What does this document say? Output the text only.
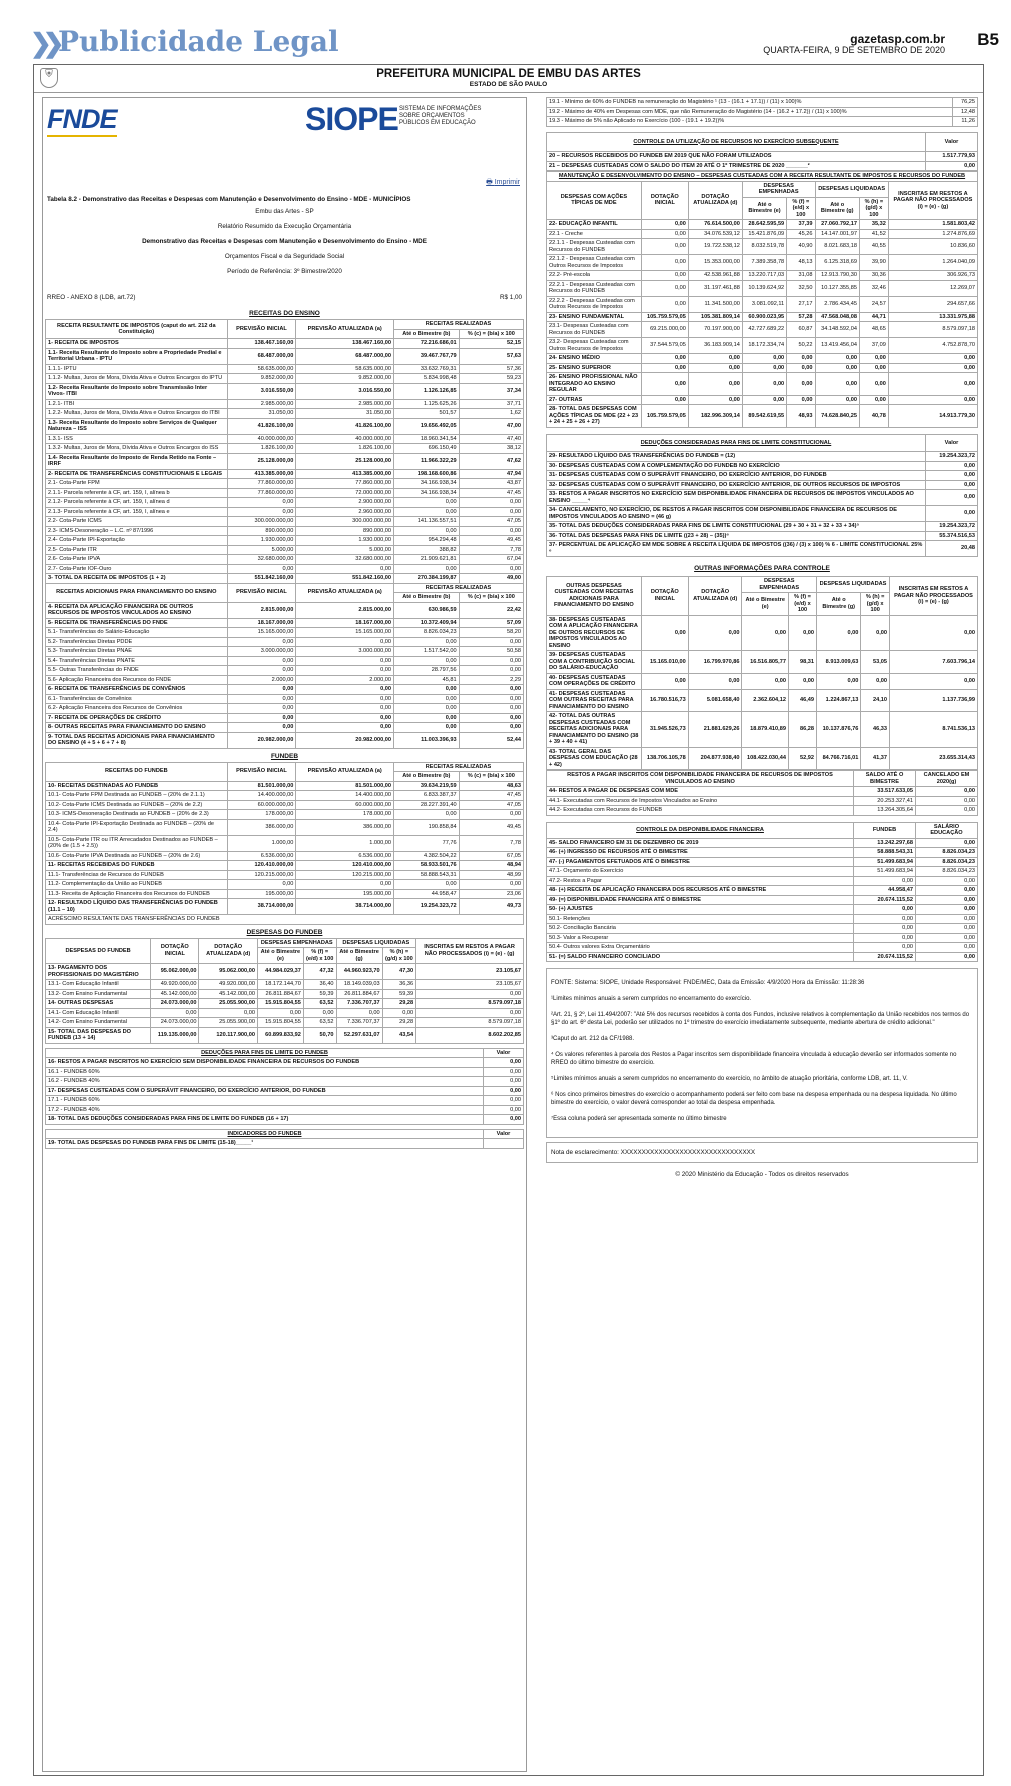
❯❯ Publicidade Legal	gazetasp.com.br
QUARTA-FEIRA, 9 DE SETEMBRO DE 2020
B5
⛨	PREFEITURA MUNICIPAL DE EMBU DAS ARTES
ESTADO DE SÃO PAULO
FNDE	SIOPE SISTEMA DE INFORMAÇÕES
SOBRE ORÇAMENTOS
PÚBLICOS EM EDUCAÇÃO
🖶 Imprimir
Tabela 8.2 - Demonstrativo das Receitas e Despesas com Manutenção e Desenvolvimento do Ensino - MDE - MUNICÍPIOS
Embu das Artes - SP
Relatório Resumido da Execução Orçamentária
Demonstrativo das Receitas e Despesas com Manutenção e Desenvolvimento do Ensino - MDE
Orçamentos Fiscal e da Seguridade Social
Período de Referência: 3º Bimestre/2020
RREO - ANEXO 8 (LDB, art.72)	R$ 1,00
RECEITAS DO ENSINO
RECEITA RESULTANTE DE IMPOSTOS (caput do art. 212 da Constituição)	PREVISÃO INICIAL	PREVISÃO ATUALIZADA (a)	RECEITAS REALIZADAS	
			Até o Bimestre (b)	% (c) = (b/a) x 100
1- RECEITA DE IMPOSTOS	138.467.160,00	138.467.160,00	72.216.686,01	52,15
1.1- Receita Resultante do Imposto sobre a Propriedade Predial e Territorial Urbana - IPTU	68.487.000,00	68.487.000,00	39.467.767,79	57,63
1.1.1- IPTU	58.635.000,00	58.635.000,00	33.632.769,31	57,36
1.1.2- Multas, Juros de Mora, Dívida Ativa e Outros Encargos do IPTU	9.852.000,00	9.852.000,00	5.834.998,48	59,23
1.2- Receita Resultante do Imposto sobre Transmissão Inter Vivos- ITBI	3.016.550,00	3.016.550,00	1.126.126,85	37,34
1.2.1- ITBI	2.985.000,00	2.985.000,00	1.125.625,26	37,71
1.2.2- Multas, Juros de Mora, Dívida Ativa e Outros Encargos do ITBI	31.050,00	31.050,00	501,57	1,62
1.3- Receita Resultante do Imposto sobre Serviços de Qualquer Natureza – ISS	41.826.100,00	41.826.100,00	19.656.492,05	47,00
1.3.1- ISS	40.000.000,00	40.000.000,00	18.960.341,54	47,40
1.3.2- Multas, Juros de Mora, Dívida Ativa e Outros Encargos do ISS	1.826.100,00	1.826.100,00	696.150,49	38,12
1.4- Receita Resultante do Imposto de Renda Retido na Fonte – IRRF	25.128.000,00	25.128.000,00	11.966.322,29	47,62
2- RECEITA DE TRANSFERÊNCIAS CONSTITUCIONAIS E LEGAIS	413.385.000,00	413.385.000,00	198.168.600,86	47,94
2.1- Cota-Parte FPM	77.860.000,00	77.860.000,00	34.166.938,34	43,87
2.1.1- Parcela referente à CF, art. 159, I, alínea b	77.860.000,00	72.000.000,00	34.166.938,34	47,45
2.1.2- Parcela referente à CF, art. 159, I, alínea d	0,00	2.900.000,00	0,00	0,00
2.1.3- Parcela referente à CF, art. 159, I, alínea e	0,00	2.960.000,00	0,00	0,00
2.2- Cota-Parte ICMS	300.000.000,00	300.000.000,00	141.136.557,51	47,05
2.3- ICMS-Desoneração – L.C. nº 87/1996	890.000,00	890.000,00	0,00	0,00
2.4- Cota-Parte IPI-Exportação	1.930.000,00	1.930.000,00	954.294,48	49,45
2.5- Cota-Parte ITR	5.000,00	5.000,00	388,82	7,78
2.6- Cota-Parte IPVA	32.680.000,00	32.680.000,00	21.909.621,81	67,04
2.7- Cota-Parte IOF-Ouro	0,00	0,00	0,00	0,00
3- TOTAL DA RECEITA DE IMPOSTOS (1 + 2)	551.842.160,00	551.842.160,00	270.384.199,87	49,00
RECEITAS ADICIONAIS PARA FINANCIAMENTO DO ENSINO	PREVISÃO INICIAL	PREVISÃO ATUALIZADA (a)	RECEITAS REALIZADAS	
			Até o Bimestre (b)	% (c) = (b/a) x 100
4- RECEITA DA APLICAÇÃO FINANCEIRA DE OUTROS RECURSOS DE IMPOSTOS VINCULADOS AO ENSINO	2.815.000,00	2.815.000,00	630.986,59	22,42
5- RECEITA DE TRANSFERÊNCIAS DO FNDE	18.167.000,00	18.167.000,00	10.372.409,94	57,09
5.1- Transferências do Salário-Educação	15.165.000,00	15.165.000,00	8.826.034,23	58,20
5.2- Transferências Diretas PDDE	0,00	0,00	0,00	0,00
5.3- Transferências Diretas PNAE	3.000.000,00	3.000.000,00	1.517.542,00	50,58
5.4- Transferências Diretas PNATE	0,00	0,00	0,00	0,00
5.5- Outras Transferências do FNDE	0,00	0,00	28.797,56	0,00
5.6- Aplicação Financeira dos Recursos do FNDE	2.000,00	2.000,00	45,81	2,29
6- RECEITA DE TRANSFERÊNCIAS DE CONVÊNIOS	0,00	0,00	0,00	0,00
6.1- Transferências de Convênios	0,00	0,00	0,00	0,00
6.2- Aplicação Financeira dos Recursos de Convênios	0,00	0,00	0,00	0,00
7- RECEITA DE OPERAÇÕES DE CRÉDITO	0,00	0,00	0,00	0,00
8- OUTRAS RECEITAS PARA FINANCIAMENTO DO ENSINO	0,00	0,00	0,00	0,00
9- TOTAL DAS RECEITAS ADICIONAIS PARA FINANCIAMENTO DO ENSINO (4 + 5 + 6 + 7 + 8)	20.982.000,00	20.982.000,00	11.003.396,93	52,44
FUNDEB
RECEITAS DO FUNDEB	PREVISÃO INICIAL	PREVISÃO ATUALIZADA (a)	RECEITAS REALIZADAS	
			Até o Bimestre (b)	% (c) = (b/a) x 100
10- RECEITAS DESTINADAS AO FUNDEB	81.501.000,00	81.501.000,00	39.634.219,59	48,63
10.1- Cota-Parte FPM Destinada ao FUNDEB – (20% de 2.1.1)	14.400.000,00	14.400.000,00	6.833.387,37	47,45
10.2- Cota-Parte ICMS Destinada ao FUNDEB – (20% de 2.2)	60.000.000,00	60.000.000,00	28.227.391,40	47,05
10.3- ICMS-Desoneração Destinada ao FUNDEB – (20% de 2.3)	178.000,00	178.000,00	0,00	0,00
10.4- Cota-Parte IPI-Exportação Destinada ao FUNDEB – (20% de 2.4)	386.000,00	386.000,00	190.858,84	49,45
10.5- Cota-Parte ITR ou ITR Arrecadados Destinados ao FUNDEB – (20% de (1.5 + 2.5))	1.000,00	1.000,00	77,76	7,78
10.6- Cota-Parte IPVA Destinada ao FUNDEB – (20% de 2.6)	6.536.000,00	6.536.000,00	4.382.504,22	67,05
11- RECEITAS RECEBIDAS DO FUNDEB	120.410.000,00	120.410.000,00	58.933.501,76	48,94
11.1- Transferências de Recursos do FUNDEB	120.215.000,00	120.215.000,00	58.888.543,31	48,99
11.2- Complementação da União ao FUNDEB	0,00	0,00	0,00	0,00
11.3- Receita de Aplicação Financeira dos Recursos do FUNDEB	195.000,00	195.000,00	44.958,47	23,06
12- RESULTADO LÍQUIDO DAS TRANSFERÊNCIAS DO FUNDEB (11.1 – 10)	38.714.000,00	38.714.000,00	19.254.323,72	49,73
ACRÉSCIMO RESULTANTE DAS TRANSFERÊNCIAS DO FUNDEB				
DESPESAS DO FUNDEB
DESPESAS DO FUNDEB	DOTAÇÃO INICIAL	DOTAÇÃO ATUALIZADA (d)	DESPESAS EMPENHADAS		DESPESAS LIQUIDADAS		INSCRITAS EM RESTOS A PAGAR NÃO PROCESSADOS (i) = (e) - (g)
			Até o Bimestre (e)	% (f) = (e/d) x 100	Até o Bimestre (g)	% (h) = (g/d) x 100	
13- PAGAMENTO DOS PROFISSIONAIS DO MAGISTÉRIO	95.062.000,00	95.062.000,00	44.984.029,37	47,32	44.960.923,70	47,30	23.105,67
13.1- Com Educação Infantil	49.920.000,00	49.920.000,00	18.172.144,70	36,40	18.149.039,03	36,36	23.105,67
13.2- Com Ensino Fundamental	45.142.000,00	45.142.000,00	26.811.884,67	59,39	26.811.884,67	59,39	0,00
14- OUTRAS DESPESAS	24.073.000,00	25.055.900,00	15.915.804,55	63,52	7.336.707,37	29,28	8.579.097,18
14.1- Com Educação Infantil	0,00	0,00	0,00	0,00	0,00	0,00	0,00
14.2- Com Ensino Fundamental	24.073.000,00	25.055.900,00	15.915.804,55	63,52	7.336.707,37	29,28	8.579.097,18
15- TOTAL DAS DESPESAS DO FUNDEB (13 + 14)	119.135.000,00	120.117.900,00	60.899.833,92	50,70	52.297.631,07	43,54	8.602.202,85
DEDUÇÕES PARA FINS DE LIMITE DO FUNDEB	Valor
16- RESTOS A PAGAR INSCRITOS NO EXERCÍCIO SEM DISPONIBILIDADE FINANCEIRA DE RECURSOS DO FUNDEB	0,00
16.1 - FUNDEB 60%	0,00
16.2 - FUNDEB 40%	0,00
17- DESPESAS CUSTEADAS COM O SUPERÁVIT FINANCEIRO, DO EXERCÍCIO ANTERIOR, DO FUNDEB	0,00
17.1 - FUNDEB 60%	0,00
17.2 - FUNDEB 40%	0,00
18- TOTAL DAS DEDUÇÕES CONSIDERADAS PARA FINS DE LIMITE DO FUNDEB (16 + 17)	0,00
INDICADORES DO FUNDEB	Valor
19- TOTAL DAS DESPESAS DO FUNDEB PARA FINS DE LIMITE (15-18)_____¹	
19.1 - Mínimo de 60% do FUNDEB na remuneração do Magistério ¹ (13 - (16.1 + 17.1)) / (11) x 100)%	76,25
19.2 - Máximo de 40% em Despesas com MDE, que não Remuneração do Magistério (14 - (16.2 + 17.2)) / (11) x 100)%	12,48
19.3 - Máximo de 5% não Aplicado no Exercício (100 - (19.1 + 19.2))%	11,26
CONTROLE DA UTILIZAÇÃO DE RECURSOS NO EXERCÍCIO SUBSEQUENTE	Valor
20 – RECURSOS RECEBIDOS DO FUNDEB EM 2019 QUE NÃO FORAM UTILIZADOS	1.517.779,93
21 – DESPESAS CUSTEADAS COM O SALDO DO ITEM 20 ATÉ O 1º TRIMESTRE DE 2020 _______²	0,00
MANUTENÇÃO E DESENVOLVIMENTO DO ENSINO – DESPESAS CUSTEADAS COM A RECEITA RESULTANTE DE IMPOSTOS E RECURSOS DO FUNDEB							
DESPESAS COM AÇÕES TÍPICAS DE MDE	DOTAÇÃO INICIAL	DOTAÇÃO ATUALIZADA (d)	DESPESAS EMPENHADAS		DESPESAS LIQUIDADAS		INSCRITAS EM RESTOS A PAGAR NÃO PROCESSADOS (i) = (e) - (g)
			Até o Bimestre (e)	% (f) = (e/d) x 100	Até o Bimestre (g)	% (h) = (g/d) x 100	
22- EDUCAÇÃO INFANTIL	0,00	76.614.500,00	28.642.595,59	37,39	27.060.792,17	35,32	1.581.803,42
22.1 - Creche	0,00	34.076.539,12	15.421.876,09	45,26	14.147.001,97	41,52	1.274.876,69
22.1.1 - Despesas Custeadas com Recursos do FUNDEB	0,00	19.722.538,12	8.032.519,78	40,90	8.021.683,18	40,55	10.836,60
22.1.2 - Despesas Custeadas com Outros Recursos de Impostos	0,00	15.353.000,00	7.389.358,78	48,13	6.125.318,69	39,90	1.264.040,09
22.2- Pré-escola	0,00	42.538.961,88	13.220.717,03	31,08	12.913.790,30	30,36	306.926,73
22.2.1 - Despesas Custeadas com Recursos do FUNDEB	0,00	31.197.461,88	10.139.624,92	32,50	10.127.355,85	32,46	12.269,07
22.2.2 - Despesas Custeadas com Outros Recursos de Impostos	0,00	11.341.500,00	3.081.092,11	27,17	2.786.434,45	24,57	294.657,66
23- ENSINO FUNDAMENTAL	105.759.579,05	105.381.809,14	60.900.023,95	57,28	47.568.048,08	44,71	13.331.975,88
23.1- Despesas Custeadas com Recursos do FUNDEB	69.215.000,00	70.197.900,00	42.727.689,22	60,87	34.148.592,04	48,65	8.579.097,18
23.2- Despesas Custeadas com Outros Recursos de Impostos	37.544.579,05	36.183.909,14	18.172.334,74	50,22	13.419.456,04	37,09	4.752.878,70
24- ENSINO MÉDIO	0,00	0,00	0,00	0,00	0,00	0,00	0,00
25- ENSINO SUPERIOR	0,00	0,00	0,00	0,00	0,00	0,00	0,00
26- ENSINO PROFISSIONAL NÃO INTEGRADO AO ENSINO REGULAR	0,00	0,00	0,00	0,00	0,00	0,00	0,00
27- OUTRAS	0,00	0,00	0,00	0,00	0,00	0,00	0,00
28- TOTAL DAS DESPESAS COM AÇÕES TÍPICAS DE MDE (22 + 23 + 24 + 25 + 26 + 27)	105.759.579,05	182.996.309,14	89.542.619,55	48,93	74.628.840,25	40,78	14.913.779,30
DEDUÇÕES CONSIDERADAS PARA FINS DE LIMITE CONSTITUCIONAL	Valor
29- RESULTADO LÍQUIDO DAS TRANSFERÊNCIAS DO FUNDEB = (12)	19.254.323,72
30- DESPESAS CUSTEADAS COM A COMPLEMENTAÇÃO DO FUNDEB NO EXERCÍCIO	0,00
31- DESPESAS CUSTEADAS COM O SUPERÁVIT FINANCEIRO, DO EXERCÍCIO ANTERIOR, DO FUNDEB	0,00
32- DESPESAS CUSTEADAS COM O SUPERÁVIT FINANCEIRO, DO EXERCÍCIO ANTERIOR, DE OUTROS RECURSOS DE IMPOSTOS	0,00
33- RESTOS A PAGAR INSCRITOS NO EXERCÍCIO SEM DISPONIBILIDADE FINANCEIRA DE RECURSOS DE IMPOSTOS VINCULADOS AO ENSINO _____⁴	0,00
34- CANCELAMENTO, NO EXERCÍCIO, DE RESTOS A PAGAR INSCRITOS COM DISPONIBILIDADE FINANCEIRA DE RECURSOS DE IMPOSTOS VINCULADOS AO ENSINO = (46 g)	0,00
35- TOTAL DAS DEDUÇÕES CONSIDERADAS PARA FINS DE LIMITE CONSTITUCIONAL (29 + 30 + 31 + 32 + 33 + 34)⁵	19.254.323,72
36- TOTAL DAS DESPESAS PARA FINS DE LIMITE ((23 + 28) – (35))⁶	55.374.516,53
37- PERCENTUAL DE APLICAÇÃO EM MDE SOBRE A RECEITA LÍQUIDA DE IMPOSTOS ((36) / (3) x 100) % 6 - LIMITE CONSTITUCIONAL 25% ⁶	20,48
OUTRAS INFORMAÇÕES PARA CONTROLE
OUTRAS DESPESAS CUSTEADAS COM RECEITAS ADICIONAIS PARA FINANCIAMENTO DO ENSINO	DOTAÇÃO INICIAL	DOTAÇÃO ATUALIZADA (d)	DESPESAS EMPENHADAS		DESPESAS LIQUIDADAS		INSCRITAS EM RESTOS A PAGAR NÃO PROCESSADOS (i) = (e) - (g)
			Até o Bimestre (e)	% (f) = (e/d) x 100	Até o Bimestre (g)	% (h) = (g/d) x 100	
38- DESPESAS CUSTEADAS COM A APLICAÇÃO FINANCEIRA DE OUTROS RECURSOS DE IMPOSTOS VINCULADOS AO ENSINO	0,00	0,00	0,00	0,00	0,00	0,00	0,00
39- DESPESAS CUSTEADAS COM A CONTRIBUIÇÃO SOCIAL DO SALÁRIO-EDUCAÇÃO	15.165.010,00	16.799.970,86	16.516.805,77	98,31	8.913.009,63	53,05	7.603.796,14
40- DESPESAS CUSTEADAS COM OPERAÇÕES DE CRÉDITO	0,00	0,00	0,00	0,00	0,00	0,00	0,00
41- DESPESAS CUSTEADAS COM OUTRAS RECEITAS PARA FINANCIAMENTO DO ENSINO	16.780.516,73	5.081.658,40	2.362.604,12	46,49	1.224.867,13	24,10	1.137.736,99
42- TOTAL DAS OUTRAS DESPESAS CUSTEADAS COM RECEITAS ADICIONAIS PARA FINANCIAMENTO DO ENSINO (38 + 39 + 40 + 41)	31.945.526,73	21.881.629,26	18.879.410,89	86,28	10.137.876,76	46,33	8.741.536,13
43- TOTAL GERAL DAS DESPESAS COM EDUCAÇÃO (28 + 42)	138.706.105,78	204.877.938,40	108.422.030,44	52,92	84.766.716,01	41,37	23.655.314,43
RESTOS A PAGAR INSCRITOS COM DISPONIBILIDADE FINANCEIRA DE RECURSOS DE IMPOSTOS VINCULADOS AO ENSINO	SALDO ATÉ O BIMESTRE	CANCELADO EM 2020(g)
44- RESTOS A PAGAR DE DESPESAS COM MDE	33.517.633,05	0,00
44.1- Executadas com Recursos de Impostos Vinculados ao Ensino	20.253.327,41	0,00
44.2- Executadas com Recursos do FUNDEB	13.264.305,64	0,00
CONTROLE DA DISPONIBILIDADE FINANCEIRA	FUNDEB	SALÁRIO EDUCAÇÃO
45- SALDO FINANCEIRO EM 31 DE DEZEMBRO DE 2019	13.242.297,68	0,00
46- (+) INGRESSO DE RECURSOS ATÉ O BIMESTRE	58.888.543,31	8.826.034,23
47- (-) PAGAMENTOS EFETUADOS ATÉ O BIMESTRE	51.499.683,94	8.826.034,23
47.1- Orçamento do Exercício	51.499.683,94	8.826.034,23
47.2- Restos a Pagar	0,00	0,00
48- (+) RECEITA DE APLICAÇÃO FINANCEIRA DOS RECURSOS ATÉ O BIMESTRE	44.958,47	0,00
49- (=) DISPONIBILIDADE FINANCEIRA ATÉ O BIMESTRE	20.674.115,52	0,00
50- (+) AJUSTES	0,00	0,00
50.1- Retenções	0,00	0,00
50.2- Conciliação Bancária	0,00	0,00
50.3- Valor a Recuperar	0,00	0,00
50.4- Outros valores Extra Orçamentário	0,00	0,00
51- (=) SALDO FINANCEIRO CONCILIADO	20.674.115,52	0,00
FONTE: Sistema: SIOPE, Unidade Responsável: FNDE/MEC, Data da Emissão: 4/9/2020 Hora da Emissão: 11:28:36
¹Limites mínimos anuais a serem cumpridos no encerramento do exercício.
²Art. 21, § 2º, Lei 11.494/2007: "Até 5% dos recursos recebidos à conta dos Fundos, inclusive relativos à complementação da União recebidos nos termos do §1º do art. 6º desta Lei, poderão ser utilizados no 1º trimestre do exercício imediatamente subsequente, mediante abertura de crédito adicional."
³Caput do art. 212 da CF/1988.
⁴ Os valores referentes à parcela dos Restos a Pagar inscritos sem disponibilidade financeira vinculada à educação deverão ser informados somente no RREO do último bimestre do exercício.
⁵Limites mínimos anuais a serem cumpridos no encerramento do exercício, no âmbito de atuação prioritária, conforme LDB, art. 11, V.
⁶ Nos cinco primeiros bimestres do exercício o acompanhamento poderá ser feito com base na despesa empenhada ou na despesa liquidada. No último bimestre do exercício, o valor deverá corresponder ao total da despesa empenhada.
⁷Essa coluna poderá ser apresentada somente no último bimestre
Nota de esclarecimento: XXXXXXXXXXXXXXXXXXXXXXXXXXXXXXXX
© 2020 Ministério da Educação - Todos os direitos reservados
